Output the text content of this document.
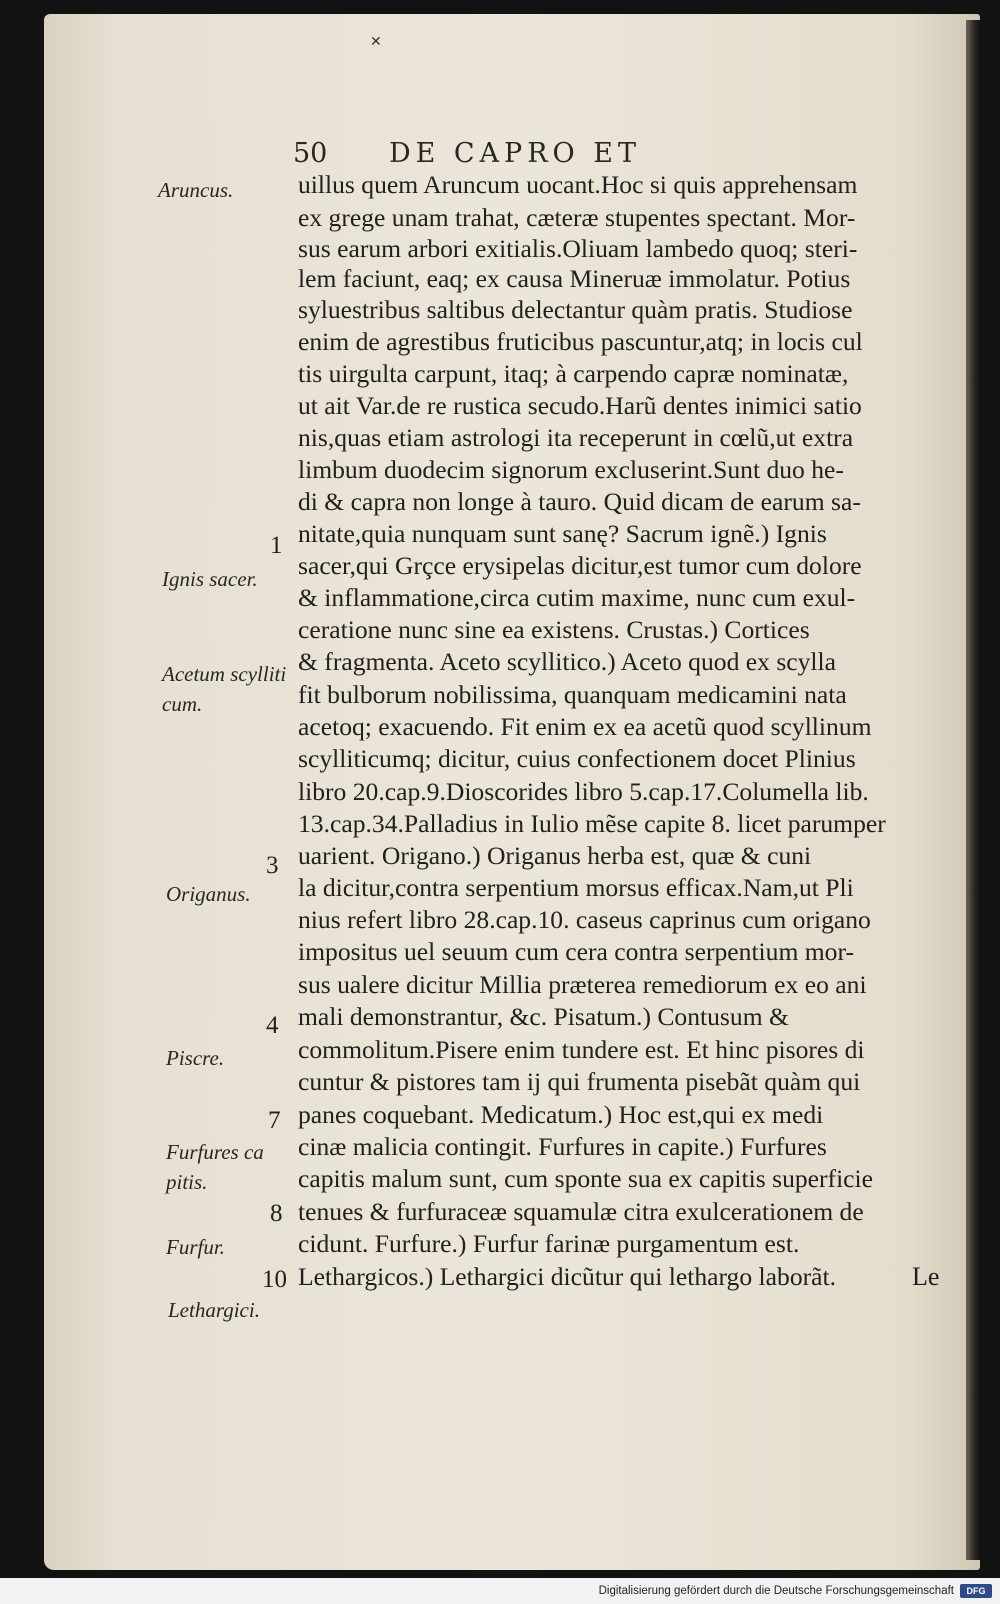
✕
50 DE CAPRO ET
uillus quem Aruncum uocant.Hoc si quis apprehensam
ex grege unam trahat, cæteræ stupentes spectant. Mor-
sus earum arbori exitialis.Oliuam lambedo quoq; steri-
lem faciunt, eaq; ex causa Mineruæ immolatur. Potius
syluestribus saltibus delectantur quàm pratis. Studiose
enim de agrestibus fruticibus pascuntur,atq; in locis cul
tis uirgulta carpunt, itaq; à carpendo capræ nominatæ,
ut ait Var.de re rustica secudo.Harũ dentes inimici satio
nis,quas etiam astrologi ita receperunt in cœlũ,ut extra
limbum duodecim signorum excluserint.Sunt duo he-
di & capra non longe à tauro. Quid dicam de earum sa-
nitate,quia nunquam sunt sanę? Sacrum ignẽ.) Ignis
sacer,qui Grçce erysipelas dicitur,est tumor cum dolore
& inflammatione,circa cutim maxime, nunc cum exul-
ceratione nunc sine ea existens. Crustas.) Cortices
& fragmenta. Aceto scyllitico.) Aceto quod ex scylla
fit bulborum nobilissima, quanquam medicamini nata
acetoq; exacuendo. Fit enim ex ea acetũ quod scyllinum
scylliticumq; dicitur, cuius confectionem docet Plinius
libro 20.cap.9.Dioscorides libro 5.cap.17.Columella lib.
13.cap.34.Palladius in Iulio mẽse capite 8. licet parumper
uarient. Origano.) Origanus herba est, quæ & cuni
la dicitur,contra serpentium morsus efficax.Nam,ut Pli
nius refert libro 28.cap.10. caseus caprinus cum origano
impositus uel seuum cum cera contra serpentium mor-
sus ualere dicitur Millia præterea remediorum ex eo ani
mali demonstrantur, &c. Pisatum.) Contusum &
commolitum.Pisere enim tundere est. Et hinc pisores di
cuntur & pistores tam ij qui frumenta pisebãt quàm qui
panes coquebant. Medicatum.) Hoc est,qui ex medi
cinæ malicia contingit. Furfures in capite.) Furfures
capitis malum sunt, cum sponte sua ex capitis superficie
tenues & furfuraceæ squamulæ citra exulcerationem de
cidunt. Furfure.) Furfur farinæ purgamentum est.
Lethargicos.) Lethargici dicũtur qui lethargo laborãt.	Le
Aruncus.
1
Ignis sacer.
Acetum scylliti
cum.
3
Origanus.
4
Piscre.
7
Furfures ca
pitis.
8
Furfur.
10
Lethargici.
Digitalisierung gefördert durch die Deutsche Forschungsgemeinschaft	DFG
